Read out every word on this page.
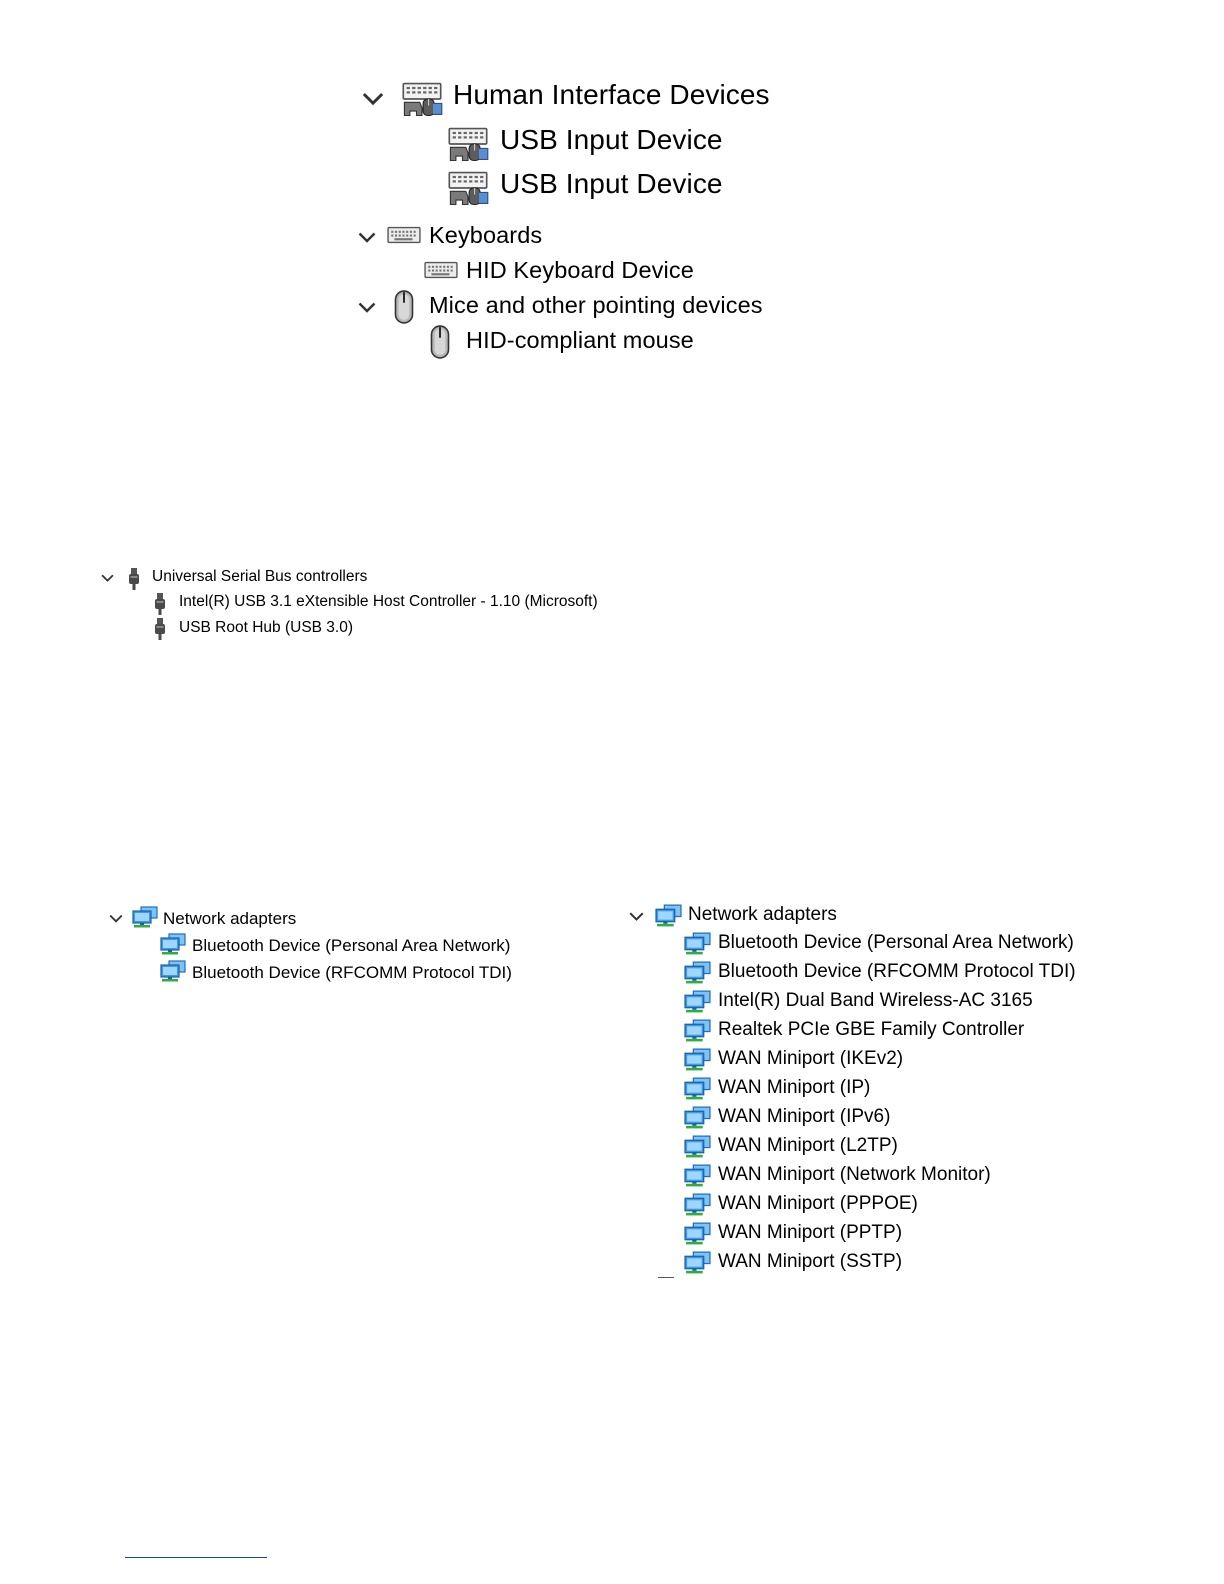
Human Interface Devices
USB Input Device
USB Input Device
Keyboards
HID Keyboard Device
Mice and other pointing devices
HID-compliant mouse
Universal Serial Bus controllers
Intel(R) USB 3.1 eXtensible Host Controller - 1.10 (Microsoft)
USB Root Hub (USB 3.0)
Network adapters
Bluetooth Device (Personal Area Network)
Bluetooth Device (RFCOMM Protocol TDI)
Network adapters
Bluetooth Device (Personal Area Network)
Bluetooth Device (RFCOMM Protocol TDI)
Intel(R) Dual Band Wireless-AC 3165
Realtek PCIe GBE Family Controller
WAN Miniport (IKEv2)
WAN Miniport (IP)
WAN Miniport (IPv6)
WAN Miniport (L2TP)
WAN Miniport (Network Monitor)
WAN Miniport (PPPOE)
WAN Miniport (PPTP)
WAN Miniport (SSTP)
